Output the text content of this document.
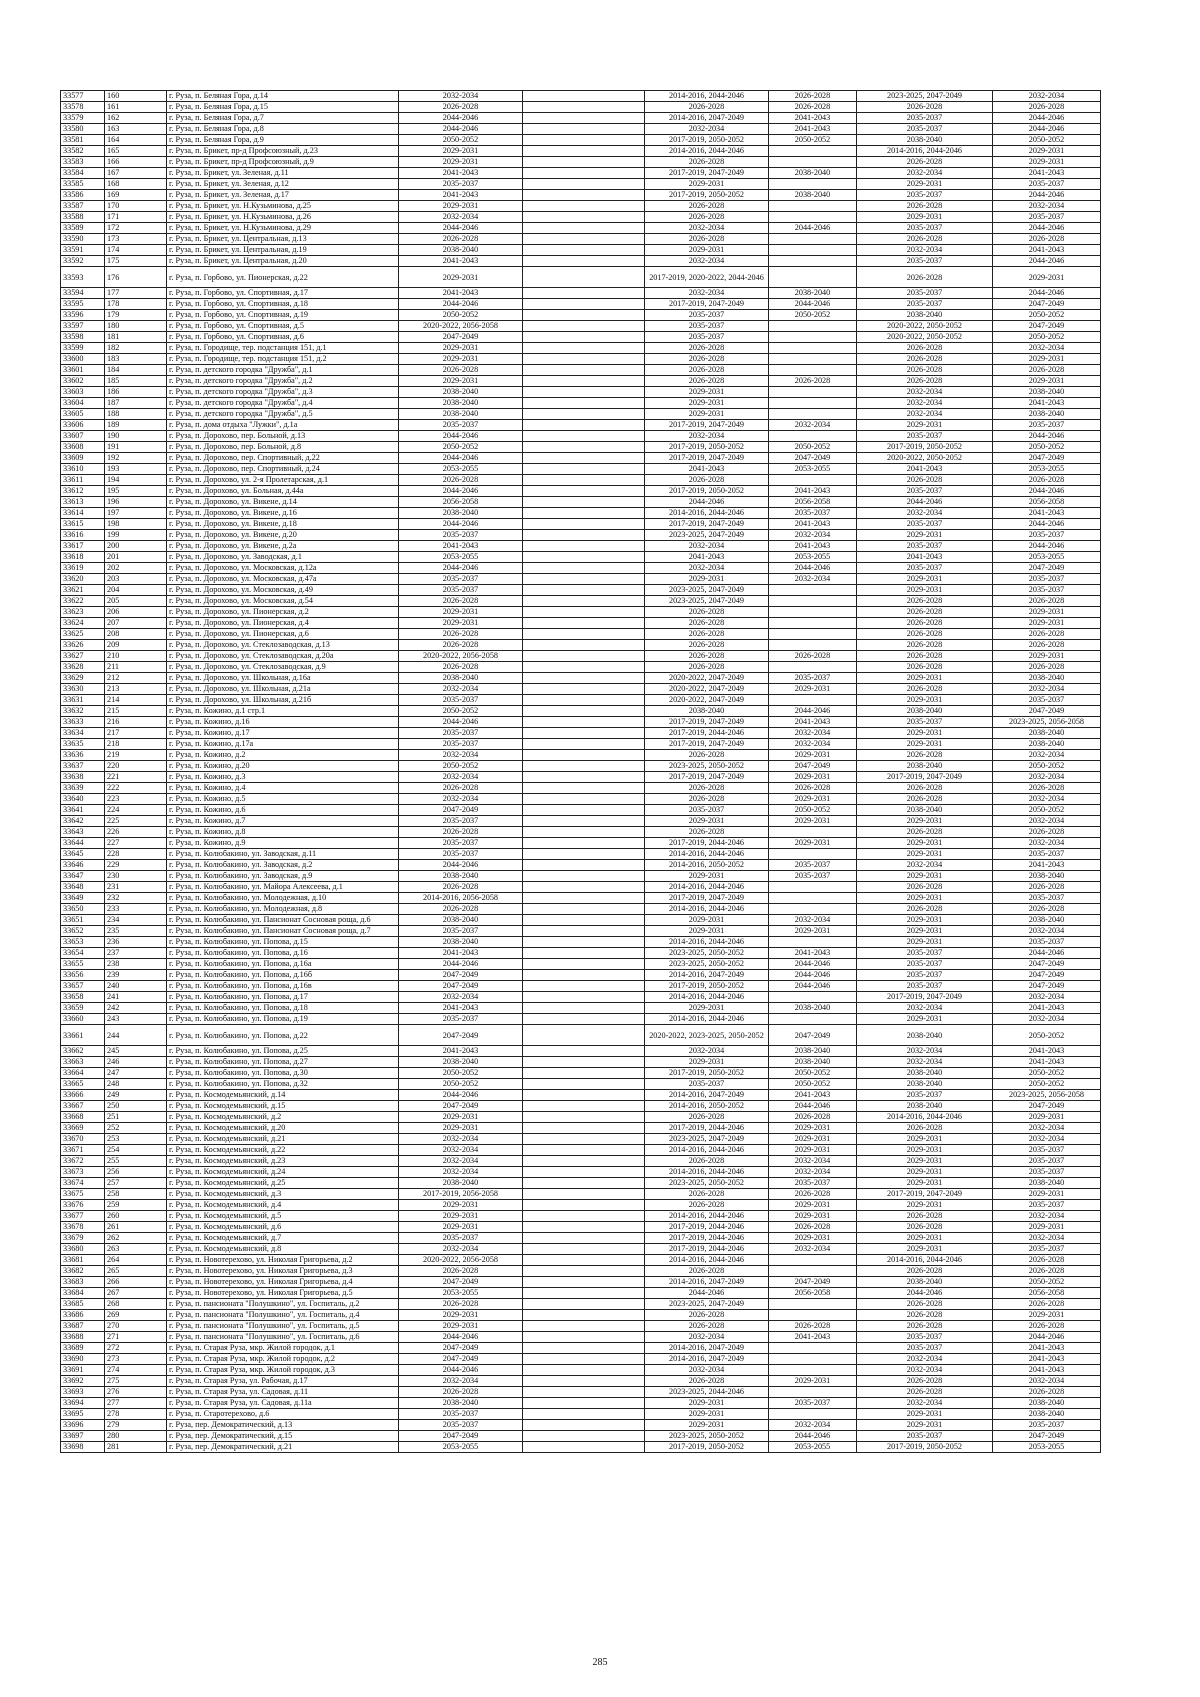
33577	160	г. Руза, п. Беляная Гора, д.14	2032-2034		2014-2016, 2044-2046	2026-2028	2023-2025, 2047-2049	2032-2034
33578	161	г. Руза, п. Беляная Гора, д.15	2026-2028		2026-2028	2026-2028	2026-2028	2026-2028
33579	162	г. Руза, п. Беляная Гора, д.7	2044-2046		2014-2016, 2047-2049	2041-2043	2035-2037	2044-2046
33580	163	г. Руза, п. Беляная Гора, д.8	2044-2046		2032-2034	2041-2043	2035-2037	2044-2046
33581	164	г. Руза, п. Беляная Гора, д.9	2050-2052		2017-2019, 2050-2052	2050-2052	2038-2040	2050-2052
33582	165	г. Руза, п. Брикет, пр-д Профсоюзный, д.23	2029-2031		2014-2016, 2044-2046		2014-2016, 2044-2046	2029-2031
33583	166	г. Руза, п. Брикет, пр-д Профсоюзный, д.9	2029-2031		2026-2028		2026-2028	2029-2031
33584	167	г. Руза, п. Брикет, ул. Зеленая, д.11	2041-2043		2017-2019, 2047-2049	2038-2040	2032-2034	2041-2043
33585	168	г. Руза, п. Брикет, ул. Зеленая, д.12	2035-2037		2029-2031		2029-2031	2035-2037
33586	169	г. Руза, п. Брикет, ул. Зеленая, д.17	2041-2043		2017-2019, 2050-2052	2038-2040	2035-2037	2044-2046
33587	170	г. Руза, п. Брикет, ул. Н.Кузьминова, д.25	2029-2031		2026-2028		2026-2028	2032-2034
33588	171	г. Руза, п. Брикет, ул. Н.Кузьминова, д.26	2032-2034		2026-2028		2029-2031	2035-2037
33589	172	г. Руза, п. Брикет, ул. Н.Кузьминова, д.29	2044-2046		2032-2034	2044-2046	2035-2037	2044-2046
33590	173	г. Руза, п. Брикет, ул. Центральная, д.13	2026-2028		2026-2028		2026-2028	2026-2028
33591	174	г. Руза, п. Брикет, ул. Центральная, д.19	2038-2040		2029-2031		2032-2034	2041-2043
33592	175	г. Руза, п. Брикет, ул. Центральная, д.20	2041-2043		2032-2034		2035-2037	2044-2046
33593	176	г. Руза, п. Горбово, ул. Пионерская, д.22	2029-2031		2017-2019, 2020-2022, 2044-2046		2026-2028	2029-2031
33594	177	г. Руза, п. Горбово, ул. Спортивная, д.17	2041-2043		2032-2034	2038-2040	2035-2037	2044-2046
33595	178	г. Руза, п. Горбово, ул. Спортивная, д.18	2044-2046		2017-2019, 2047-2049	2044-2046	2035-2037	2047-2049
33596	179	г. Руза, п. Горбово, ул. Спортивная, д.19	2050-2052		2035-2037	2050-2052	2038-2040	2050-2052
33597	180	г. Руза, п. Горбово, ул. Спортивная, д.5	2020-2022, 2056-2058		2035-2037		2020-2022, 2050-2052	2047-2049
33598	181	г. Руза, п. Горбово, ул. Спортивная, д.6	2047-2049		2035-2037		2020-2022, 2050-2052	2050-2052
33599	182	г. Руза, п. Городище, тер. подстанция 151, д.1	2029-2031		2026-2028		2026-2028	2032-2034
33600	183	г. Руза, п. Городище, тер. подстанция 151, д.2	2029-2031		2026-2028		2026-2028	2029-2031
33601	184	г. Руза, п. детского городка "Дружба", д.1	2026-2028		2026-2028		2026-2028	2026-2028
33602	185	г. Руза, п. детского городка "Дружба", д.2	2029-2031		2026-2028	2026-2028	2026-2028	2029-2031
33603	186	г. Руза, п. детского городка "Дружба", д.3	2038-2040		2029-2031		2032-2034	2038-2040
33604	187	г. Руза, п. детского городка "Дружба", д.4	2038-2040		2029-2031		2032-2034	2041-2043
33605	188	г. Руза, п. детского городка "Дружба", д.5	2038-2040		2029-2031		2032-2034	2038-2040
33606	189	г. Руза, п. дома отдыха "Лужки", д.1а	2035-2037		2017-2019, 2047-2049	2032-2034	2029-2031	2035-2037
33607	190	г. Руза, п. Дорохово, пер. Больной, д.13	2044-2046		2032-2034		2035-2037	2044-2046
33608	191	г. Руза, п. Дорохово, пер. Больной, д.8	2050-2052		2017-2019, 2050-2052	2050-2052	2017-2019, 2050-2052	2050-2052
33609	192	г. Руза, п. Дорохово, пер. Спортивный, д.22	2044-2046		2017-2019, 2047-2049	2047-2049	2020-2022, 2050-2052	2047-2049
33610	193	г. Руза, п. Дорохово, пер. Спортивный, д.24	2053-2055		2041-2043	2053-2055	2041-2043	2053-2055
33611	194	г. Руза, п. Дорохово, ул. 2-я Пролетарская, д.1	2026-2028		2026-2028		2026-2028	2026-2028
33612	195	г. Руза, п. Дорохово, ул. Больная, д.44а	2044-2046		2017-2019, 2050-2052	2041-2043	2035-2037	2044-2046
33613	196	г. Руза, п. Дорохово, ул. Викене, д.14	2056-2058		2044-2046	2056-2058	2044-2046	2056-2058
33614	197	г. Руза, п. Дорохово, ул. Викене, д.16	2038-2040		2014-2016, 2044-2046	2035-2037	2032-2034	2041-2043
33615	198	г. Руза, п. Дорохово, ул. Викене, д.18	2044-2046		2017-2019, 2047-2049	2041-2043	2035-2037	2044-2046
33616	199	г. Руза, п. Дорохово, ул. Викене, д.20	2035-2037		2023-2025, 2047-2049	2032-2034	2029-2031	2035-2037
33617	200	г. Руза, п. Дорохово, ул. Викене, д.2а	2041-2043		2032-2034	2041-2043	2035-2037	2044-2046
33618	201	г. Руза, п. Дорохово, ул. Заводская, д.1	2053-2055		2041-2043	2053-2055	2041-2043	2053-2055
33619	202	г. Руза, п. Дорохово, ул. Московская, д.12а	2044-2046		2032-2034	2044-2046	2035-2037	2047-2049
33620	203	г. Руза, п. Дорохово, ул. Московская, д.47а	2035-2037		2029-2031	2032-2034	2029-2031	2035-2037
33621	204	г. Руза, п. Дорохово, ул. Московская, д.49	2035-2037		2023-2025, 2047-2049		2029-2031	2035-2037
33622	205	г. Руза, п. Дорохово, ул. Московская, д.54	2026-2028		2023-2025, 2047-2049		2026-2028	2026-2028
33623	206	г. Руза, п. Дорохово, ул. Пионерская, д.2	2029-2031		2026-2028		2026-2028	2029-2031
33624	207	г. Руза, п. Дорохово, ул. Пионерская, д.4	2029-2031		2026-2028		2026-2028	2029-2031
33625	208	г. Руза, п. Дорохово, ул. Пионерская, д.6	2026-2028		2026-2028		2026-2028	2026-2028
33626	209	г. Руза, п. Дорохово, ул. Стеклозаводская, д.13	2026-2028		2026-2028		2026-2028	2026-2028
33627	210	г. Руза, п. Дорохово, ул. Стеклозаводская, д.20а	2020-2022, 2056-2058		2026-2028	2026-2028	2026-2028	2029-2031
33628	211	г. Руза, п. Дорохово, ул. Стеклозаводская, д.9	2026-2028		2026-2028		2026-2028	2026-2028
33629	212	г. Руза, п. Дорохово, ул. Школьная, д.16а	2038-2040		2020-2022, 2047-2049	2035-2037	2029-2031	2038-2040
33630	213	г. Руза, п. Дорохово, ул. Школьная, д.21а	2032-2034		2020-2022, 2047-2049	2029-2031	2026-2028	2032-2034
33631	214	г. Руза, п. Дорохово, ул. Школьная, д.21б	2035-2037		2020-2022, 2047-2049		2029-2031	2035-2037
33632	215	г. Руза, п. Кожино, д.1 стр.1	2050-2052		2038-2040	2044-2046	2038-2040	2047-2049
33633	216	г. Руза, п. Кожино, д.16	2044-2046		2017-2019, 2047-2049	2041-2043	2035-2037	2023-2025, 2056-2058
33634	217	г. Руза, п. Кожино, д.17	2035-2037		2017-2019, 2044-2046	2032-2034	2029-2031	2038-2040
33635	218	г. Руза, п. Кожино, д.17а	2035-2037		2017-2019, 2047-2049	2032-2034	2029-2031	2038-2040
33636	219	г. Руза, п. Кожино, д.2	2032-2034		2026-2028	2029-2031	2026-2028	2032-2034
33637	220	г. Руза, п. Кожино, д.20	2050-2052		2023-2025, 2050-2052	2047-2049	2038-2040	2050-2052
33638	221	г. Руза, п. Кожино, д.3	2032-2034		2017-2019, 2047-2049	2029-2031	2017-2019, 2047-2049	2032-2034
33639	222	г. Руза, п. Кожино, д.4	2026-2028		2026-2028	2026-2028	2026-2028	2026-2028
33640	223	г. Руза, п. Кожино, д.5	2032-2034		2026-2028	2029-2031	2026-2028	2032-2034
33641	224	г. Руза, п. Кожино, д.6	2047-2049		2035-2037	2050-2052	2038-2040	2050-2052
33642	225	г. Руза, п. Кожино, д.7	2035-2037		2029-2031	2029-2031	2029-2031	2032-2034
33643	226	г. Руза, п. Кожино, д.8	2026-2028		2026-2028		2026-2028	2026-2028
33644	227	г. Руза, п. Кожино, д.9	2035-2037		2017-2019, 2044-2046	2029-2031	2029-2031	2032-2034
33645	228	г. Руза, п. Колюбакино, ул. Заводская, д.11	2035-2037		2014-2016, 2044-2046		2029-2031	2035-2037
33646	229	г. Руза, п. Колюбакино, ул. Заводская, д.2	2044-2046		2014-2016, 2050-2052	2035-2037	2032-2034	2041-2043
33647	230	г. Руза, п. Колюбакино, ул. Заводская, д.9	2038-2040		2029-2031	2035-2037	2029-2031	2038-2040
33648	231	г. Руза, п. Колюбакино, ул. Майора Алексеева, д.1	2026-2028		2014-2016, 2044-2046		2026-2028	2026-2028
33649	232	г. Руза, п. Колюбакино, ул. Молодежная, д.10	2014-2016, 2056-2058		2017-2019, 2047-2049		2029-2031	2035-2037
33650	233	г. Руза, п. Колюбакино, ул. Молодежная, д.8	2026-2028		2014-2016, 2044-2046		2026-2028	2026-2028
33651	234	г. Руза, п. Колюбакино, ул. Пансионат Сосновая роща, д.6	2038-2040		2029-2031	2032-2034	2029-2031	2038-2040
33652	235	г. Руза, п. Колюбакино, ул. Пансионат Сосновая роща, д.7	2035-2037		2029-2031	2029-2031	2029-2031	2032-2034
33653	236	г. Руза, п. Колюбакино, ул. Попова, д.15	2038-2040		2014-2016, 2044-2046		2029-2031	2035-2037
33654	237	г. Руза, п. Колюбакино, ул. Попова, д.16	2041-2043		2023-2025, 2050-2052	2041-2043	2035-2037	2044-2046
33655	238	г. Руза, п. Колюбакино, ул. Попова, д.16а	2044-2046		2023-2025, 2050-2052	2044-2046	2035-2037	2047-2049
33656	239	г. Руза, п. Колюбакино, ул. Попова, д.16б	2047-2049		2014-2016, 2047-2049	2044-2046	2035-2037	2047-2049
33657	240	г. Руза, п. Колюбакино, ул. Попова, д.16в	2047-2049		2017-2019, 2050-2052	2044-2046	2035-2037	2047-2049
33658	241	г. Руза, п. Колюбакино, ул. Попова, д.17	2032-2034		2014-2016, 2044-2046		2017-2019, 2047-2049	2032-2034
33659	242	г. Руза, п. Колюбакино, ул. Попова, д.18	2041-2043		2029-2031	2038-2040	2032-2034	2041-2043
33660	243	г. Руза, п. Колюбакино, ул. Попова, д.19	2035-2037		2014-2016, 2044-2046		2029-2031	2032-2034
33661	244	г. Руза, п. Колюбакино, ул. Попова, д.22	2047-2049		2020-2022, 2023-2025, 2050-2052	2047-2049	2038-2040	2050-2052
33662	245	г. Руза, п. Колюбакино, ул. Попова, д.25	2041-2043		2032-2034	2038-2040	2032-2034	2041-2043
33663	246	г. Руза, п. Колюбакино, ул. Попова, д.27	2038-2040		2029-2031	2038-2040	2032-2034	2041-2043
33664	247	г. Руза, п. Колюбакино, ул. Попова, д.30	2050-2052		2017-2019, 2050-2052	2050-2052	2038-2040	2050-2052
33665	248	г. Руза, п. Колюбакино, ул. Попова, д.32	2050-2052		2035-2037	2050-2052	2038-2040	2050-2052
33666	249	г. Руза, п. Космодемьянский, д.14	2044-2046		2014-2016, 2047-2049	2041-2043	2035-2037	2023-2025, 2056-2058
33667	250	г. Руза, п. Космодемьянский, д.15	2047-2049		2014-2016, 2050-2052	2044-2046	2038-2040	2047-2049
33668	251	г. Руза, п. Космодемьянский, д.2	2029-2031		2026-2028	2026-2028	2014-2016, 2044-2046	2029-2031
33669	252	г. Руза, п. Космодемьянский, д.20	2029-2031		2017-2019, 2044-2046	2029-2031	2026-2028	2032-2034
33670	253	г. Руза, п. Космодемьянский, д.21	2032-2034		2023-2025, 2047-2049	2029-2031	2029-2031	2032-2034
33671	254	г. Руза, п. Космодемьянский, д.22	2032-2034		2014-2016, 2044-2046	2029-2031	2029-2031	2035-2037
33672	255	г. Руза, п. Космодемьянский, д.23	2032-2034		2026-2028	2032-2034	2029-2031	2035-2037
33673	256	г. Руза, п. Космодемьянский, д.24	2032-2034		2014-2016, 2044-2046	2032-2034	2029-2031	2035-2037
33674	257	г. Руза, п. Космодемьянский, д.25	2038-2040		2023-2025, 2050-2052	2035-2037	2029-2031	2038-2040
33675	258	г. Руза, п. Космодемьянский, д.3	2017-2019, 2056-2058		2026-2028	2026-2028	2017-2019, 2047-2049	2029-2031
33676	259	г. Руза, п. Космодемьянский, д.4	2029-2031		2026-2028	2029-2031	2029-2031	2035-2037
33677	260	г. Руза, п. Космодемьянский, д.5	2029-2031		2014-2016, 2044-2046	2029-2031	2026-2028	2032-2034
33678	261	г. Руза, п. Космодемьянский, д.6	2029-2031		2017-2019, 2044-2046	2026-2028	2026-2028	2029-2031
33679	262	г. Руза, п. Космодемьянский, д.7	2035-2037		2017-2019, 2044-2046	2029-2031	2029-2031	2032-2034
33680	263	г. Руза, п. Космодемьянский, д.8	2032-2034		2017-2019, 2044-2046	2032-2034	2029-2031	2035-2037
33681	264	г. Руза, п. Новотерехово, ул. Николая Григорьева, д.2	2020-2022, 2056-2058		2014-2016, 2044-2046		2014-2016, 2044-2046	2026-2028
33682	265	г. Руза, п. Новотерехово, ул. Николая Григорьева, д.3	2026-2028		2026-2028		2026-2028	2026-2028
33683	266	г. Руза, п. Новотерехово, ул. Николая Григорьева, д.4	2047-2049		2014-2016, 2047-2049	2047-2049	2038-2040	2050-2052
33684	267	г. Руза, п. Новотерехово, ул. Николая Григорьева, д.5	2053-2055		2044-2046	2056-2058	2044-2046	2056-2058
33685	268	г. Руза, п. пансионата "Полушкино", ул. Госпиталь, д.2	2026-2028		2023-2025, 2047-2049		2026-2028	2026-2028
33686	269	г. Руза, п. пансионата "Полушкино", ул. Госпиталь, д.4	2029-2031		2026-2028		2026-2028	2029-2031
33687	270	г. Руза, п. пансионата "Полушкино", ул. Госпиталь, д.5	2029-2031		2026-2028	2026-2028	2026-2028	2026-2028
33688	271	г. Руза, п. пансионата "Полушкино", ул. Госпиталь, д.6	2044-2046		2032-2034	2041-2043	2035-2037	2044-2046
33689	272	г. Руза, п. Старая Руза, мкр. Жилой городок, д.1	2047-2049		2014-2016, 2047-2049		2035-2037	2041-2043
33690	273	г. Руза, п. Старая Руза, мкр. Жилой городок, д.2	2047-2049		2014-2016, 2047-2049		2032-2034	2041-2043
33691	274	г. Руза, п. Старая Руза, мкр. Жилой городок, д.3	2044-2046		2032-2034		2032-2034	2041-2043
33692	275	г. Руза, п. Старая Руза, ул. Рабочая, д.17	2032-2034		2026-2028	2029-2031	2026-2028	2032-2034
33693	276	г. Руза, п. Старая Руза, ул. Садовая, д.11	2026-2028		2023-2025, 2044-2046		2026-2028	2026-2028
33694	277	г. Руза, п. Старая Руза, ул. Садовая, д.11а	2038-2040		2029-2031	2035-2037	2032-2034	2038-2040
33695	278	г. Руза, п. Старотерехово, д.6	2035-2037		2029-2031		2029-2031	2038-2040
33696	279	г. Руза, пер. Демократический, д.13	2035-2037		2029-2031	2032-2034	2029-2031	2035-2037
33697	280	г. Руза, пер. Демократический, д.15	2047-2049		2023-2025, 2050-2052	2044-2046	2035-2037	2047-2049
33698	281	г. Руза, пер. Демократический, д.21	2053-2055		2017-2019, 2050-2052	2053-2055	2017-2019, 2050-2052	2053-2055
285
